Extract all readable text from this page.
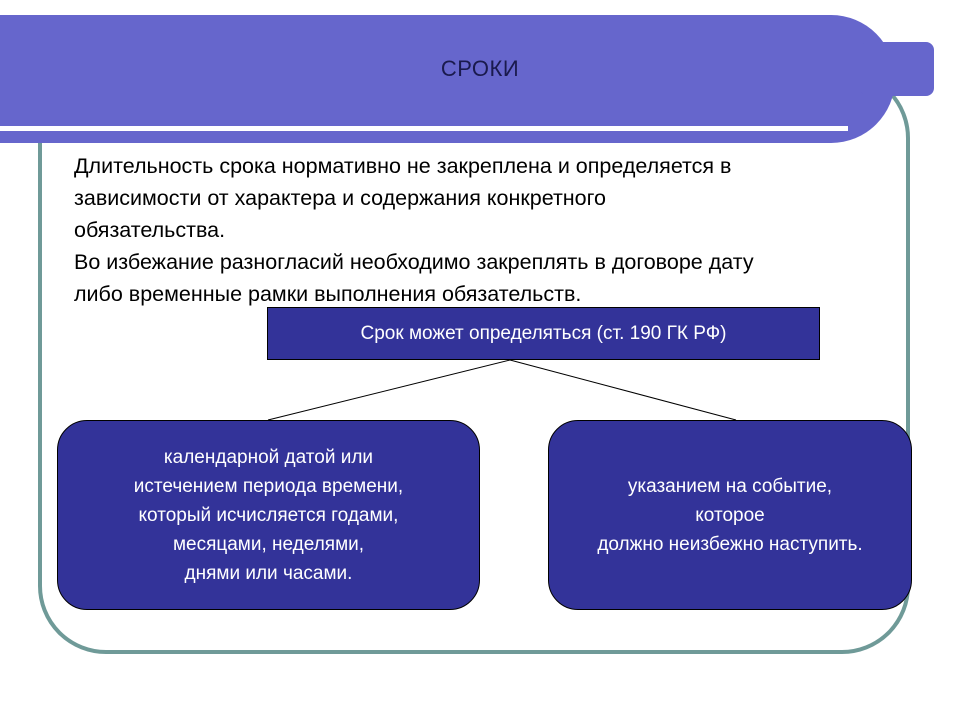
СРОКИ

Длительность срока нормативно не закреплена и определяется в
зависимости от характера и содержания конкретного
обязательства.

Во избежание разногласий необходимо закреплять в договоре дату
либо временные рамки выполнения обязательств.

Срок может определяться (ст. 190 ГК РФ)
календарной датой или
истечением периода времени,
который исчисляется годами,
месяцами, неделями,
днями или часами.
указанием на событие,
которое
должно неизбежно наступить.
